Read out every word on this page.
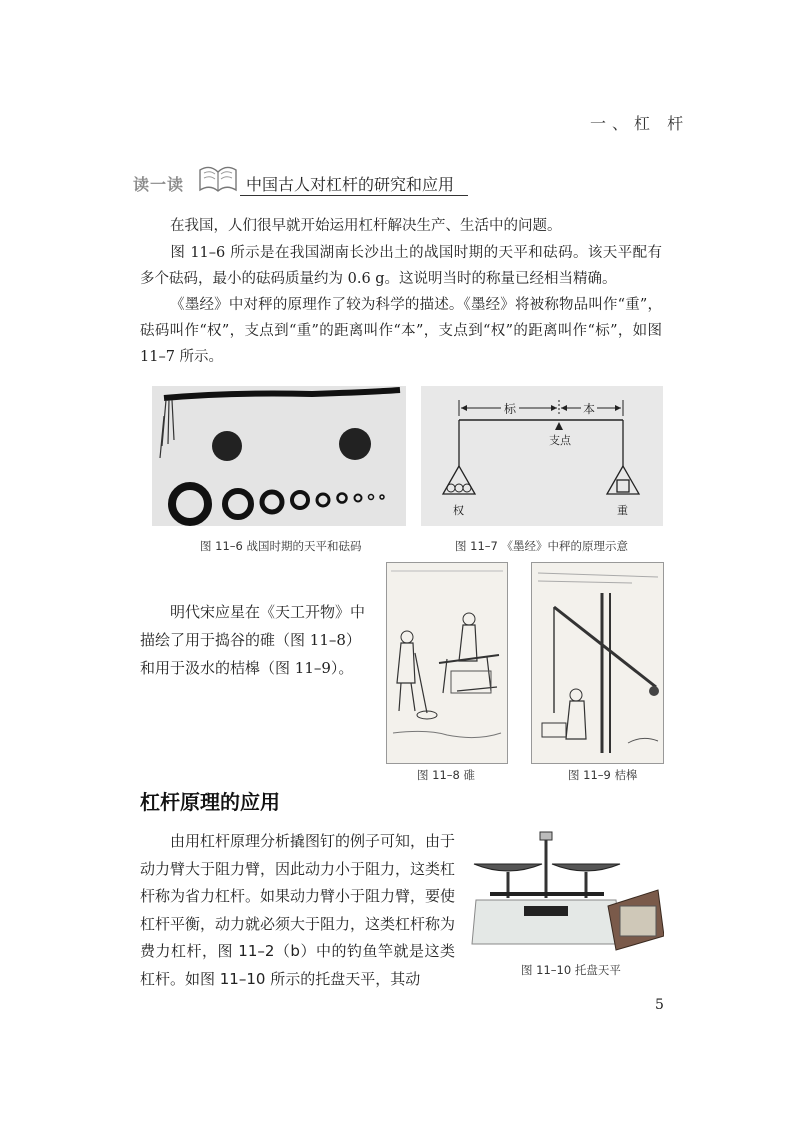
一、杠 杆
读一读	中国古人对杠杆的研究和应用

在我国，人们很早就开始运用杠杆解决生产、生活中的问题。

图 11–6 所示是在我国湖南长沙出土的战国时期的天平和砝码。该天平配有多个砝码，最小的砝码质量约为 0.6 g。这说明当时的称量已经相当精确。

《墨经》中对秤的原理作了较为科学的描述。《墨经》将被称物品叫作“重”，砝码叫作“权”，支点到“重”的距离叫作“本”，支点到“权”的距离叫作“标”，如图 11–7 所示。

图 11–6 战国时期的天平和砝码
标	本
支点
权	重
图 11–7 《墨经》中秤的原理示意

明代宋应星在《天工开物》中描绘了用于捣谷的碓（图 11–8）和用于汲水的桔槔（图 11–9）。

图 11–8 碓	图 11–9 桔槔
杠杆原理的应用

由用杠杆原理分析撬图钉的例子可知，由于动力臂大于阻力臂，因此动力小于阻力，这类杠杆称为省力杠杆。如果动力臂小于阻力臂，要使杠杆平衡，动力就必须大于阻力，这类杠杆称为费力杠杆，图 11–2（b）中的钓鱼竿就是这类杠杆。如图 11–10 所示的托盘天平，其动	图 11–10 托盘天平
5
